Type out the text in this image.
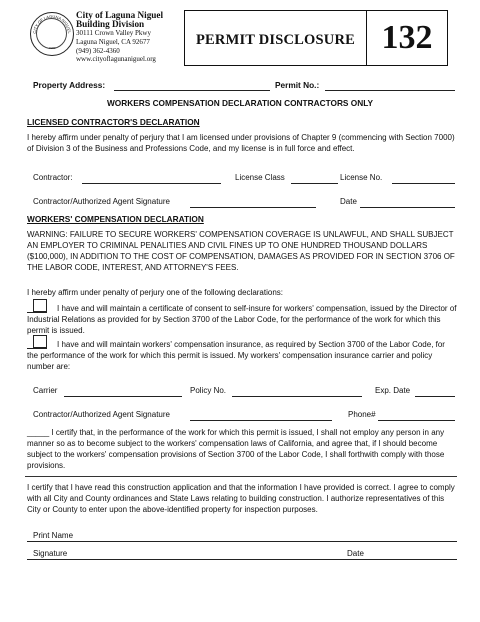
CITY OF LAGUNA NIGUEL
1989
City of Laguna Niguel
Building Division
30111 Crown Valley Pkwy
Laguna Niguel, CA 92677
(949) 362-4360
www.cityoflagunaniguel.org
PERMIT DISCLOSURE 132
Property Address:	Permit No.:
WORKERS COMPENSATION DECLARATION CONTRACTORS ONLY
LICENSED CONTRACTOR'S DECLARATION
I hereby affirm under penalty of perjury that I am licensed under provisions of Chapter 9 (commencing with Section 7000) of Division 3 of the Business and Professions Code, and my license is in full force and effect.
Contractor:	License Class	License No.
Contractor/Authorized Agent Signature	Date
WORKERS' COMPENSATION DECLARATION
WARNING: FAILURE TO SECURE WORKERS' COMPENSATION COVERAGE IS UNLAWFUL, AND SHALL SUBJECT AN EMPLOYER TO CRIMINAL PENALITIES AND CIVIL FINES UP TO ONE HUNDRED THOUSAND DOLLARS ($100,000), IN ADDITION TO THE COST OF COMPENSATION, DAMAGES AS PROVIDED FOR IN SECTION 3706 OF THE LABOR CODE, INTEREST, AND ATTORNEY'S FEES.
I hereby affirm under penalty of perjury one of the following declarations:
I have and will maintain a certificate of consent to self-insure for workers' compensation, issued by the Director of Industrial Relations as provided for by Section 3700 of the Labor Code, for the performance of the work for which this permit is issued.
I have and will maintain workers' compensation insurance, as required by Section 3700 of the Labor Code, for the performance of the work for which this permit is issued. My workers' compensation insurance carrier and policy number are:
Carrier	Policy No.	Exp. Date
Contractor/Authorized Agent Signature	Phone#
_____ I certify that, in the performance of the work for which this permit is issued, I shall not employ any person in any manner so as to become subject to the workers' compensation laws of California, and agree that, if I should become subject to the workers' compensation provisions of Section 3700 of the Labor Code, I shall forthwith comply with those provisions.
I certify that I have read this construction application and that the information I have provided is correct. I agree to comply with all City and County ordinances and State Laws relating to building construction. I authorize representatives of this City or County to enter upon the above-identified property for inspection purposes.
Print Name
Signature	Date
